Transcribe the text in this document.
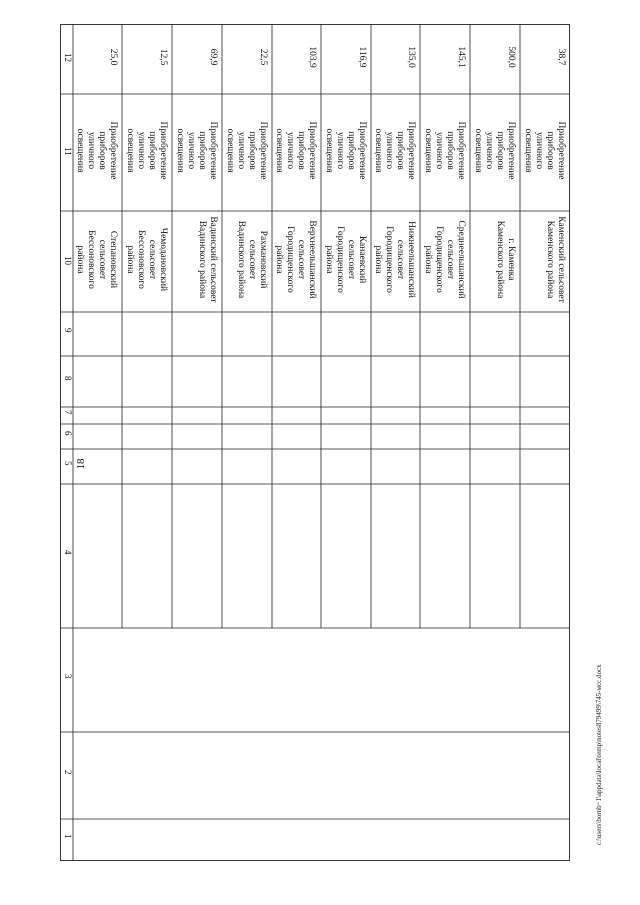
18
1
2
3
4
5
6
7
8
9
10
11
12	25,0
Приобретение
приборов
уличного
освещения
Степановский
сельсовет
Бессоновского
района
12,5
Приобретение
приборов
уличного
освещения
Чемодановский
сельсовет
Бессоновского
района
69,9
Приобретение
приборов
уличного
освещения
Вадинский сельсовет
Вадинского района
22,5
Приобретение
приборов
уличного
освещения
Рахмановский
сельсовет
Вадинского района
103,9
Приобретение
приборов
уличного
освещения
Верхнеельшанский
сельсовет
Городищенского
района
116,9
Приобретение
приборов
уличного
освещения
Канаевский
сельсовет
Городищенского
района
135,0
Приобретение
приборов
уличного
освещения
Нижнеельшанский
сельсовет
Городищенского
района
145,1
Приобретение
приборов
уличного
освещения
Среднеельшанский
сельсовет
Городищенского
района
500,0
Приобретение
приборов
уличного
освещения
г. Каменка
Каменского района
38,7
Приобретение
приборов
уличного
освещения
Каменский сельсовет
Каменского района
c:\users\bornb~1\appdata\local\temp\notes879499\745-мсс.docx
